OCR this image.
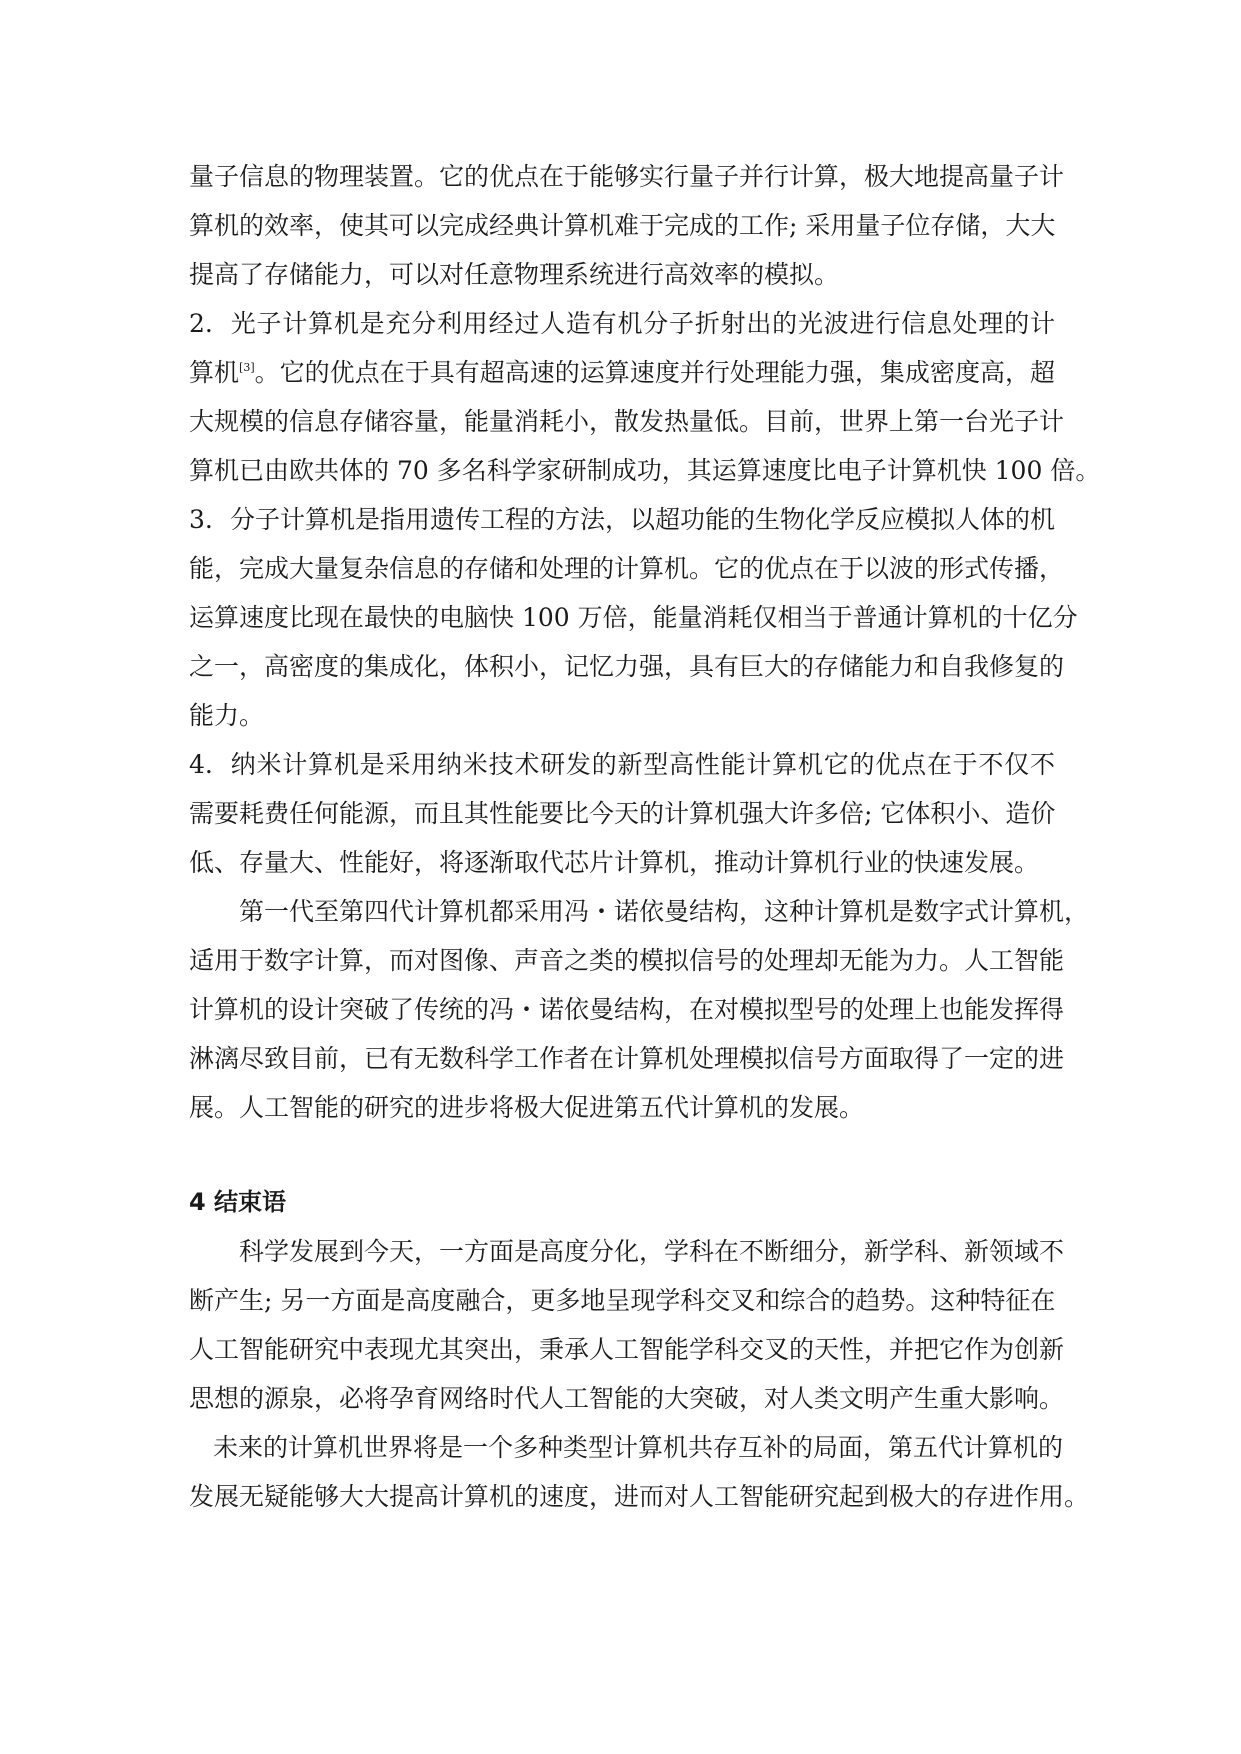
量子信息的物理装置。它的优点在于能够实行量子并行计算，极大地提高量子计
算机的效率，使其可以完成经典计算机难于完成的工作; 采用量子位存储，大大
提高了存储能力，可以对任意物理系统进行高效率的模拟。
2. 光子计算机是充分利用经过人造有机分子折射出的光波进行信息处理的计
算机[3]。它的优点在于具有超高速的运算速度并行处理能力强，集成密度高，超
大规模的信息存储容量，能量消耗小，散发热量低。目前，世界上第一台光子计
算机已由欧共体的 70 多名科学家研制成功，其运算速度比电子计算机快 100 倍。
3. 分子计算机是指用遗传工程的方法，以超功能的生物化学反应模拟人体的机
能，完成大量复杂信息的存储和处理的计算机。它的优点在于以波的形式传播，
运算速度比现在最快的电脑快 100 万倍，能量消耗仅相当于普通计算机的十亿分
之一，高密度的集成化，体积小，记忆力强，具有巨大的存储能力和自我修复的
能力。
4. 纳米计算机是采用纳米技术研发的新型高性能计算机它的优点在于不仅不
需要耗费任何能源，而且其性能要比今天的计算机强大许多倍; 它体积小、造价
低、存量大、性能好，将逐渐取代芯片计算机，推动计算机行业的快速发展。
第一代至第四代计算机都采用冯・诺依曼结构，这种计算机是数字式计算机，
适用于数字计算，而对图像、声音之类的模拟信号的处理却无能为力。人工智能
计算机的设计突破了传统的冯・诺依曼结构，在对模拟型号的处理上也能发挥得
淋漓尽致目前，已有无数科学工作者在计算机处理模拟信号方面取得了一定的进
展。人工智能的研究的进步将极大促进第五代计算机的发展。
4 结束语
科学发展到今天，一方面是高度分化，学科在不断细分，新学科、新领域不
断产生; 另一方面是高度融合，更多地呈现学科交叉和综合的趋势。这种特征在
人工智能研究中表现尤其突出，秉承人工智能学科交叉的天性，并把它作为创新
思想的源泉，必将孕育网络时代人工智能的大突破，对人类文明产生重大影响。
未来的计算机世界将是一个多种类型计算机共存互补的局面，第五代计算机的
发展无疑能够大大提高计算机的速度，进而对人工智能研究起到极大的存进作用。
